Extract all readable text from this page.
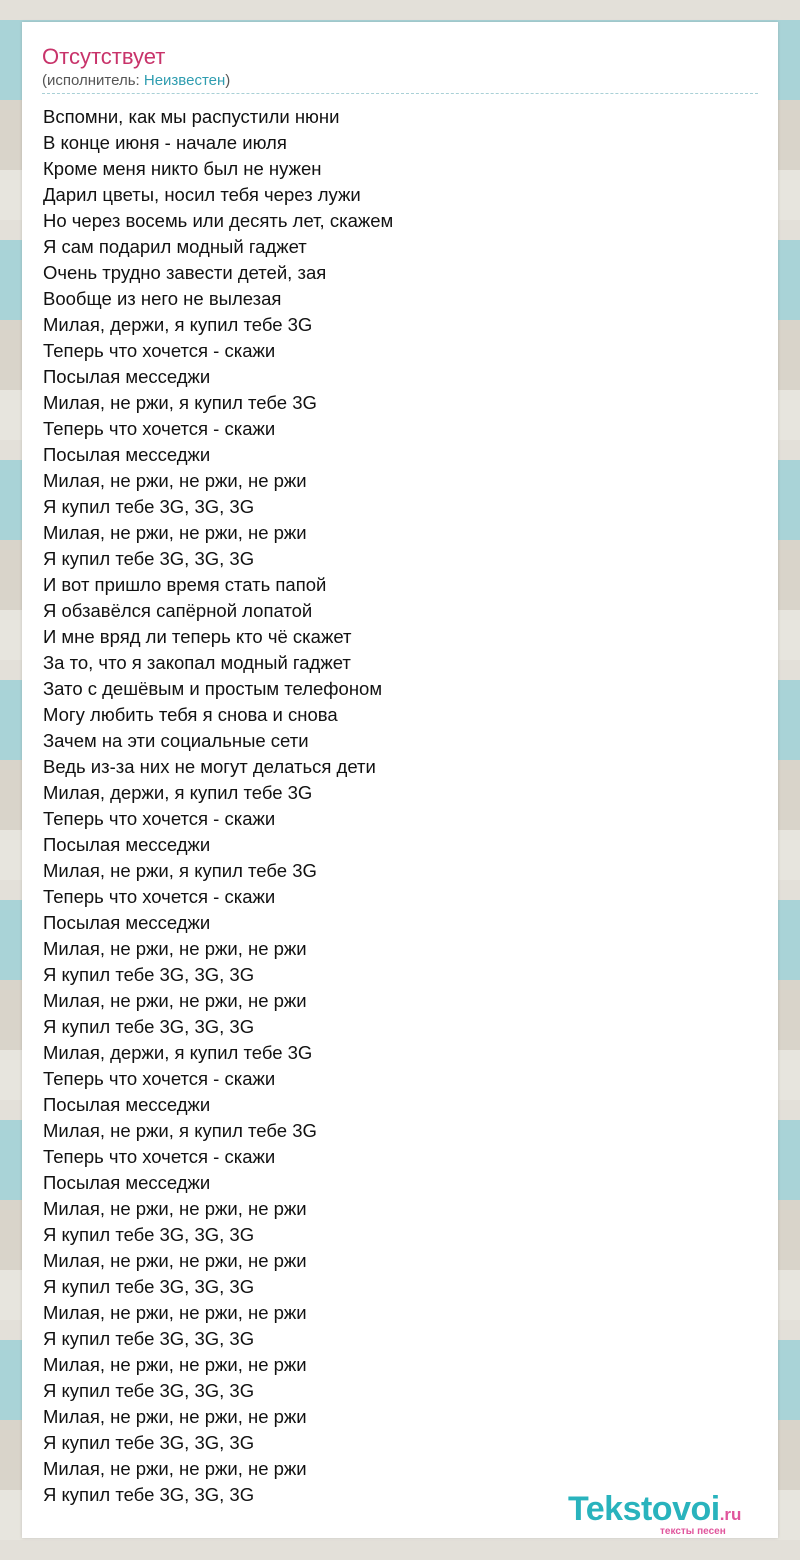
Отсутствует
(исполнитель: Неизвестен)
Вспомни, как мы распустили нюни
В конце июня - начале июля
Кроме меня никто был не нужен
Дарил цветы, носил тебя через лужи
Но через восемь или десять лет, скажем
Я сам подарил модный гаджет
Очень трудно завести детей, зая
Вообще из него не вылезая
Милая, держи, я купил тебе 3G
Теперь что хочется - скажи
Посылая месседжи
Милая, не ржи, я купил тебе 3G
Теперь что хочется - скажи
Посылая месседжи
Милая, не ржи, не ржи, не ржи
Я купил тебе 3G, 3G, 3G
Милая, не ржи, не ржи, не ржи
Я купил тебе 3G, 3G, 3G
И вот пришло время стать папой
Я обзавёлся сапёрной лопатой
И мне вряд ли теперь кто чё скажет
За то, что я закопал модный гаджет
Зато с дешёвым и простым телефоном
Могу любить тебя я снова и снова
Зачем на эти социальные сети
Ведь из-за них не могут делаться дети
Милая, держи, я купил тебе 3G
Теперь что хочется - скажи
Посылая месседжи
Милая, не ржи, я купил тебе 3G
Теперь что хочется - скажи
Посылая месседжи
Милая, не ржи, не ржи, не ржи
Я купил тебе 3G, 3G, 3G
Милая, не ржи, не ржи, не ржи
Я купил тебе 3G, 3G, 3G
Милая, держи, я купил тебе 3G
Теперь что хочется - скажи
Посылая месседжи
Милая, не ржи, я купил тебе 3G
Теперь что хочется - скажи
Посылая месседжи
Милая, не ржи, не ржи, не ржи
Я купил тебе 3G, 3G, 3G
Милая, не ржи, не ржи, не ржи
Я купил тебе 3G, 3G, 3G
Милая, не ржи, не ржи, не ржи
Я купил тебе 3G, 3G, 3G
Милая, не ржи, не ржи, не ржи
Я купил тебе 3G, 3G, 3G
Милая, не ржи, не ржи, не ржи
Я купил тебе 3G, 3G, 3G
Милая, не ржи, не ржи, не ржи
Я купил тебе 3G, 3G, 3G	Tekstovoi.ru
тексты песен
